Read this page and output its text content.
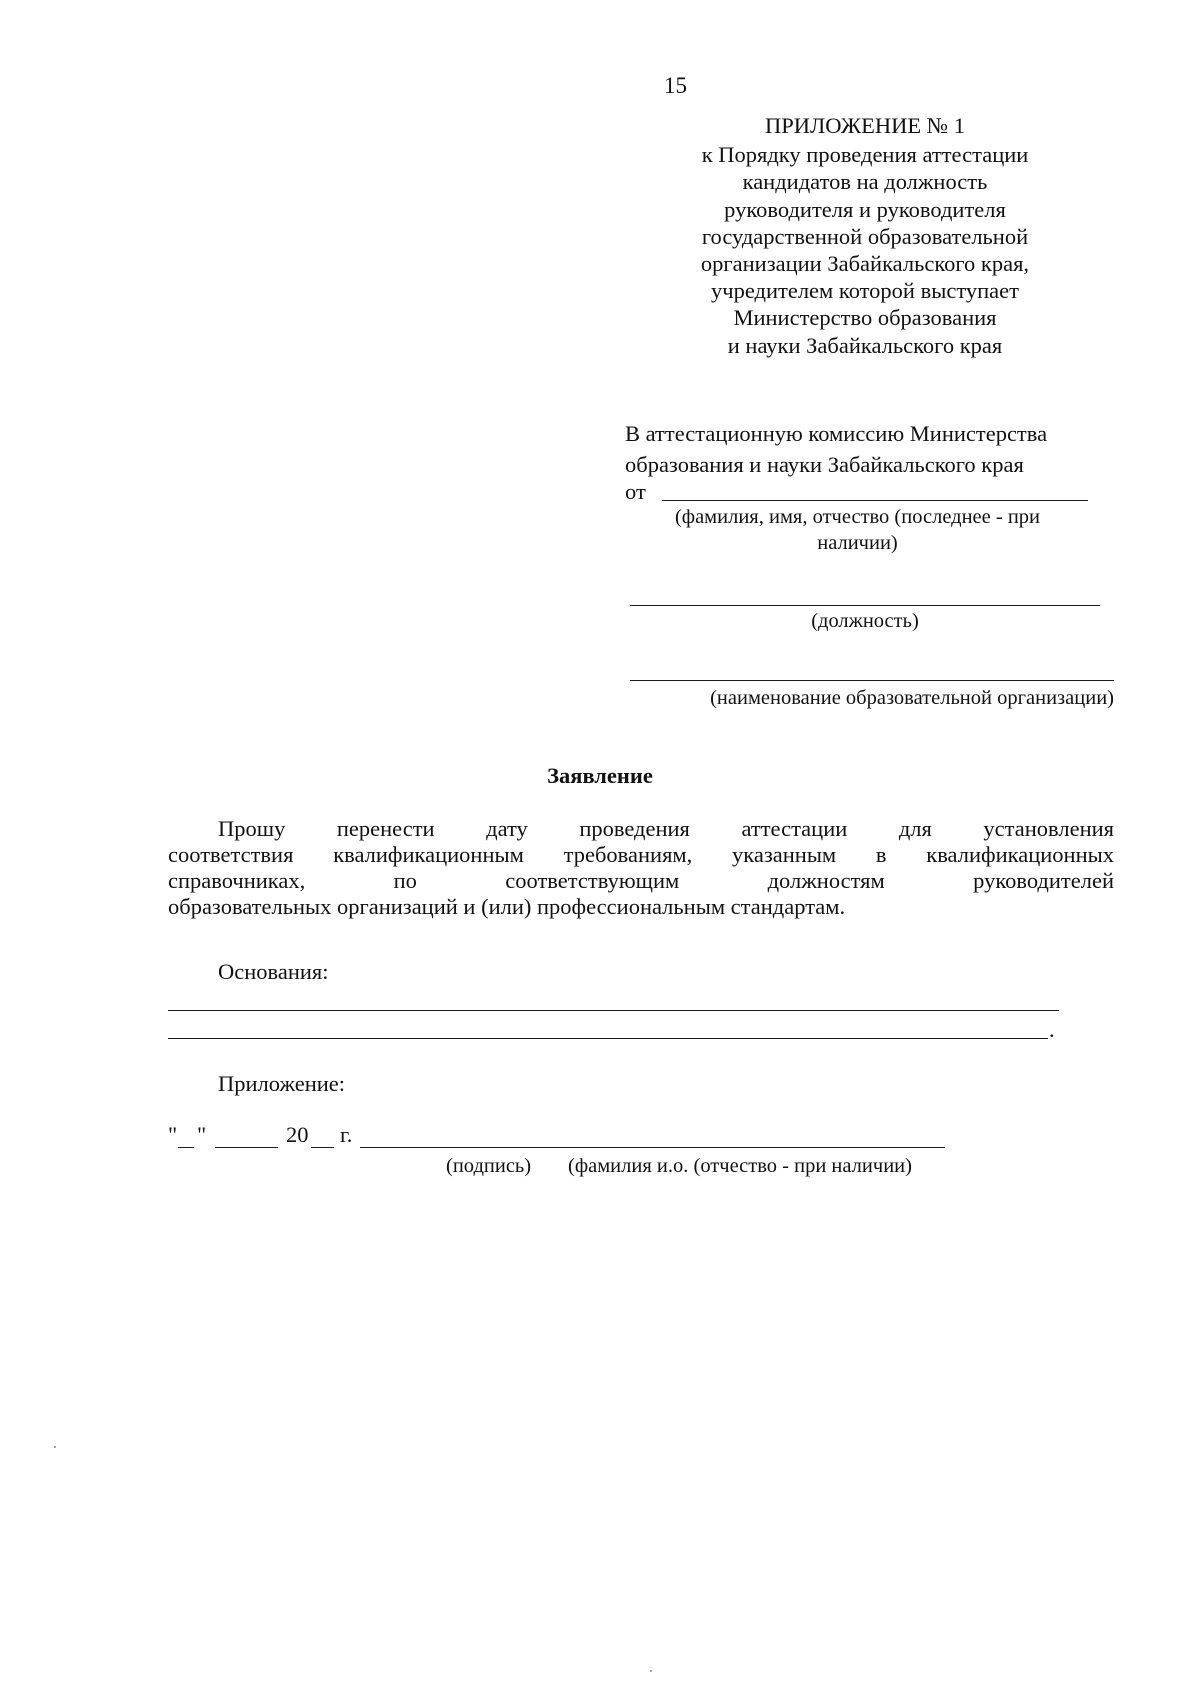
15
ПРИЛОЖЕНИЕ № 1
к Порядку проведения аттестации
кандидатов на должность
руководителя и руководителя
государственной образовательной
организации Забайкальского края,
учредителем которой выступает
Министерство образования
и науки Забайкальского края
В аттестационную комиссию Министерства
образования и науки Забайкальского края
от
(фамилия, имя, отчество (последнее - при
наличии)
(должность)
(наименование образовательной организации)
Заявление
Прошу перенести дату проведения аттестации для установления
соответствия квалификационным требованиям, указанным в квалификационных
справочниках, по соответствующим должностям руководителей
образовательных организаций и (или) профессиональным стандартам.
Основания:
.
Приложение:
" "	20 г.
(подпись) (фамилия и.о. (отчество - при наличии)
